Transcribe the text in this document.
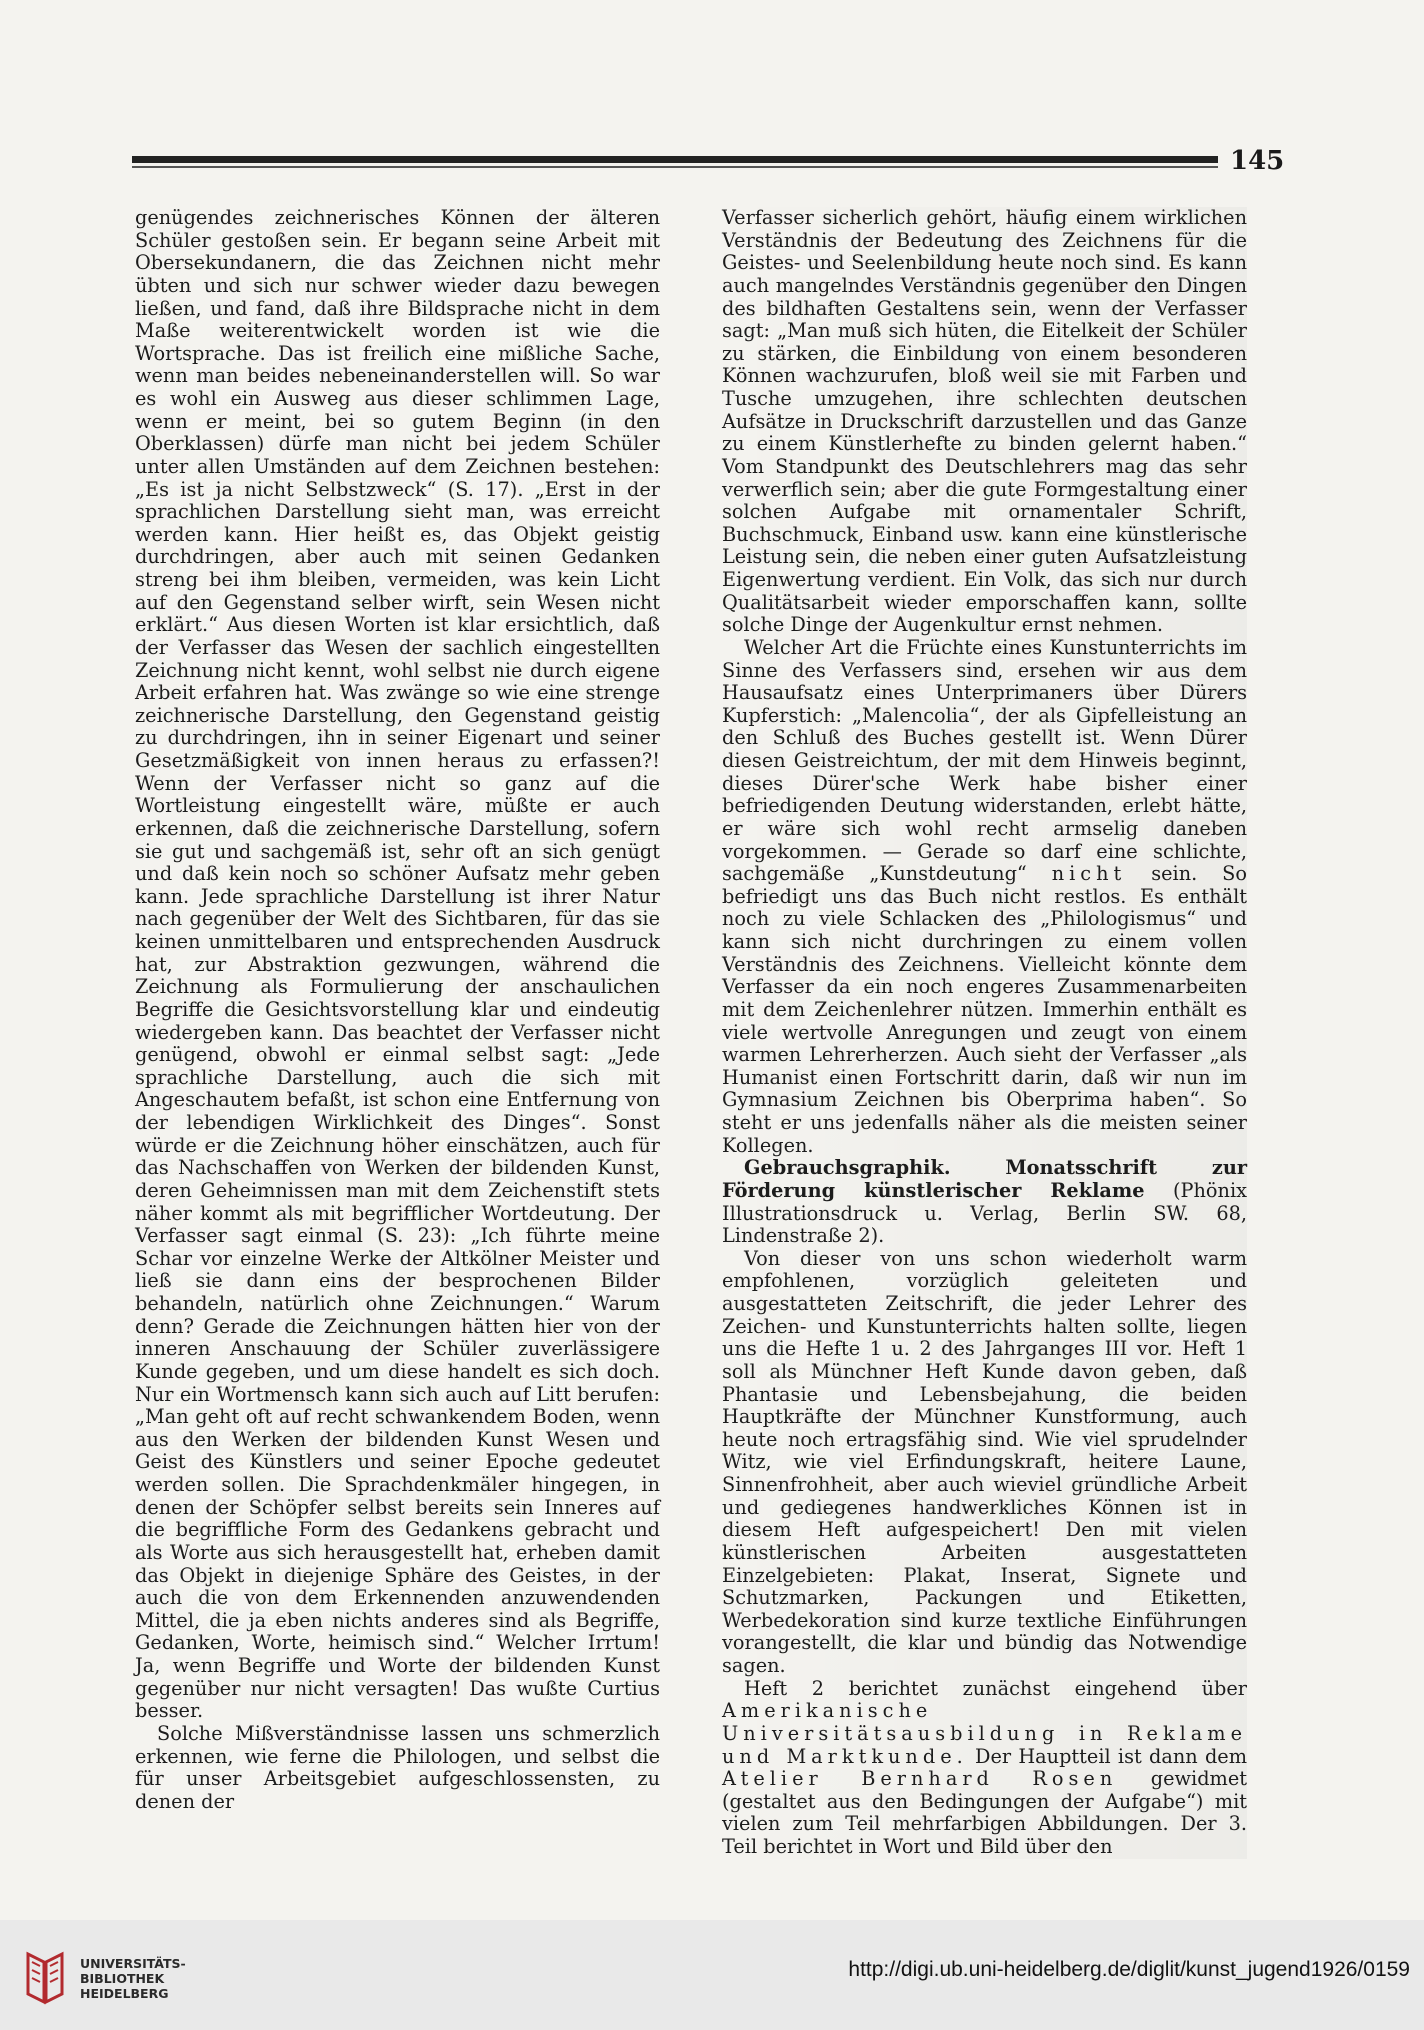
145

genügendes zeichnerisches Können der älteren Schüler gestoßen sein. Er begann seine Arbeit mit Obersekundanern, die das Zeichnen nicht mehr übten und sich nur schwer wieder dazu bewegen ließen, und fand, daß ihre Bildsprache nicht in dem Maße weiterentwickelt worden ist wie die Wortsprache. Das ist freilich eine mißliche Sache, wenn man beides nebeneinanderstellen will. So war es wohl ein Ausweg aus dieser schlimmen Lage, wenn er meint, bei so gutem Beginn (in den Oberklassen) dürfe man nicht bei jedem Schüler unter allen Umständen auf dem Zeichnen bestehen: „Es ist ja nicht Selbstzweck“ (S. 17). „Erst in der sprachlichen Darstellung sieht man, was erreicht werden kann. Hier heißt es, das Objekt geistig durchdringen, aber auch mit seinen Gedanken streng bei ihm bleiben, vermeiden, was kein Licht auf den Gegenstand selber wirft, sein Wesen nicht erklärt.“ Aus diesen Worten ist klar ersichtlich, daß der Verfasser das Wesen der sachlich eingestellten Zeichnung nicht kennt, wohl selbst nie durch eigene Arbeit erfahren hat. Was zwänge so wie eine strenge zeichnerische Darstellung, den Gegenstand geistig zu durchdringen, ihn in seiner Eigenart und seiner Gesetzmäßigkeit von innen heraus zu erfassen?! Wenn der Verfasser nicht so ganz auf die Wortleistung eingestellt wäre, müßte er auch erkennen, daß die zeichnerische Darstellung, sofern sie gut und sachgemäß ist, sehr oft an sich genügt und daß kein noch so schöner Aufsatz mehr geben kann. Jede sprachliche Darstellung ist ihrer Natur nach gegenüber der Welt des Sichtbaren, für das sie keinen unmittelbaren und entsprechenden Ausdruck hat, zur Abstraktion gezwungen, während die Zeichnung als Formulierung der anschaulichen Begriffe die Gesichtsvorstellung klar und eindeutig wiedergeben kann. Das beachtet der Verfasser nicht genügend, obwohl er einmal selbst sagt: „Jede sprachliche Darstellung, auch die sich mit Angeschautem befaßt, ist schon eine Entfernung von der lebendigen Wirklichkeit des Dinges“. Sonst würde er die Zeichnung höher einschätzen, auch für das Nachschaffen von Werken der bildenden Kunst, deren Geheimnissen man mit dem Zeichenstift stets näher kommt als mit begrifflicher Wortdeutung. Der Verfasser sagt einmal (S. 23): „Ich führte meine Schar vor einzelne Werke der Altkölner Meister und ließ sie dann eins der besprochenen Bilder behandeln, natürlich ohne Zeichnungen.“ Warum denn? Gerade die Zeichnungen hätten hier von der inneren Anschauung der Schüler zuverlässigere Kunde gegeben, und um diese handelt es sich doch. Nur ein Wortmensch kann sich auch auf Litt berufen: „Man geht oft auf recht schwankendem Boden, wenn aus den Werken der bildenden Kunst Wesen und Geist des Künstlers und seiner Epoche gedeutet werden sollen. Die Sprachdenkmäler hingegen, in denen der Schöpfer selbst bereits sein Inneres auf die begriffliche Form des Gedankens gebracht und als Worte aus sich herausgestellt hat, erheben damit das Objekt in diejenige Sphäre des Geistes, in der auch die von dem Erkennenden anzuwendenden Mittel, die ja eben nichts anderes sind als Begriffe, Gedanken, Worte, heimisch sind.“ Welcher Irrtum! Ja, wenn Begriffe und Worte der bildenden Kunst gegenüber nur nicht versagten! Das wußte Curtius besser.

Solche Mißverständnisse lassen uns schmerzlich erkennen, wie ferne die Philologen, und selbst die für unser Arbeitsgebiet aufgeschlossensten, zu denen der

Verfasser sicherlich gehört, häufig einem wirklichen Verständnis der Bedeutung des Zeichnens für die Geistes- und Seelenbildung heute noch sind. Es kann auch mangelndes Verständnis gegenüber den Dingen des bildhaften Gestaltens sein, wenn der Verfasser sagt: „Man muß sich hüten, die Eitelkeit der Schüler zu stärken, die Einbildung von einem besonderen Können wachzurufen, bloß weil sie mit Farben und Tusche umzugehen, ihre schlechten deutschen Aufsätze in Druckschrift darzustellen und das Ganze zu einem Künstlerhefte zu binden gelernt haben.“ Vom Standpunkt des Deutschlehrers mag das sehr verwerflich sein; aber die gute Formgestaltung einer solchen Aufgabe mit ornamentaler Schrift, Buchschmuck, Einband usw. kann eine künstlerische Leistung sein, die neben einer guten Aufsatzleistung Eigenwertung verdient. Ein Volk, das sich nur durch Qualitätsarbeit wieder emporschaffen kann, sollte solche Dinge der Augenkultur ernst nehmen.

Welcher Art die Früchte eines Kunstunterrichts im Sinne des Verfassers sind, ersehen wir aus dem Hausaufsatz eines Unterprimaners über Dürers Kupferstich: „Malencolia“, der als Gipfelleistung an den Schluß des Buches gestellt ist. Wenn Dürer diesen Geistreichtum, der mit dem Hinweis beginnt, dieses Dürer'sche Werk habe bisher einer befriedigenden Deutung widerstanden, erlebt hätte, er wäre sich wohl recht armselig daneben vorgekommen. — Gerade so darf eine schlichte, sachgemäße „Kunstdeutung“ nicht sein. So befriedigt uns das Buch nicht restlos. Es enthält noch zu viele Schlacken des „Philologismus“ und kann sich nicht durchringen zu einem vollen Verständnis des Zeichnens. Vielleicht könnte dem Verfasser da ein noch engeres Zusammenarbeiten mit dem Zeichenlehrer nützen. Immerhin enthält es viele wertvolle Anregungen und zeugt von einem warmen Lehrerherzen. Auch sieht der Verfasser „als Humanist einen Fortschritt darin, daß wir nun im Gymnasium Zeichnen bis Oberprima haben“. So steht er uns jedenfalls näher als die meisten seiner Kollegen.

Gebrauchsgraphik. Monatsschrift zur Förderung künstlerischer Reklame (Phönix Illustrationsdruck u. Verlag, Berlin SW. 68, Lindenstraße 2).

Von dieser von uns schon wiederholt warm empfohlenen, vorzüglich geleiteten und ausgestatteten Zeitschrift, die jeder Lehrer des Zeichen- und Kunstunterrichts halten sollte, liegen uns die Hefte 1 u. 2 des Jahrganges III vor. Heft 1 soll als Münchner Heft Kunde davon geben, daß Phantasie und Lebensbejahung, die beiden Hauptkräfte der Münchner Kunstformung, auch heute noch ertragsfähig sind. Wie viel sprudelnder Witz, wie viel Erfindungskraft, heitere Laune, Sinnenfrohheit, aber auch wieviel gründliche Arbeit und gediegenes handwerkliches Können ist in diesem Heft aufgespeichert! Den mit vielen künstlerischen Arbeiten ausgestatteten Einzelgebieten: Plakat, Inserat, Signete und Schutzmarken, Packungen und Etiketten, Werbedekoration sind kurze textliche Einführungen vorangestellt, die klar und bündig das Notwendige sagen.

Heft 2 berichtet zunächst eingehend über Amerikanische Universitätsausbildung in Reklame und Marktkunde. Der Hauptteil ist dann dem Atelier Bernhard Rosen gewidmet (gestaltet aus den Bedingungen der Aufgabe“) mit vielen zum Teil mehrfarbigen Abbildungen. Der 3. Teil berichtet in Wort und Bild über den

UNIVERSITÄTS-
BIBLIOTHEK
HEIDELBERG
http://digi.ub.uni-heidelberg.de/diglit/kunst_jugend1926/0159
